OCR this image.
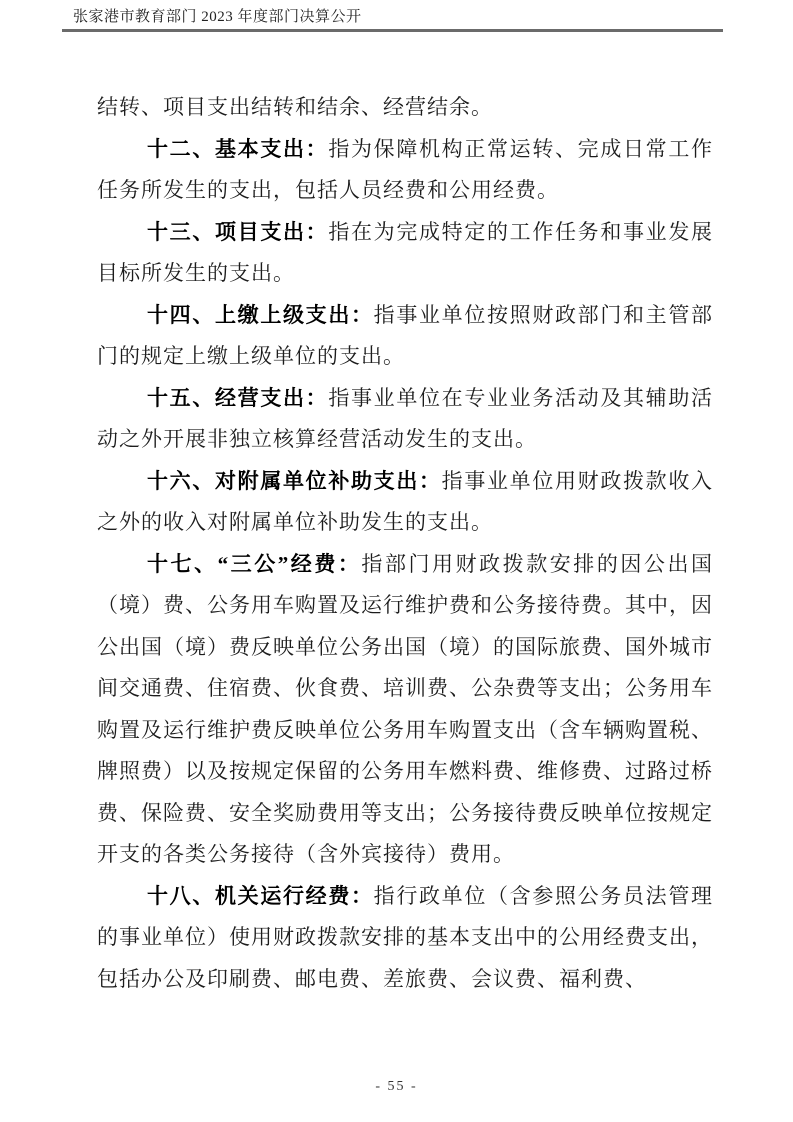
张家港市教育部门 2023 年度部门决算公开

结转、项目支出结转和结余、经营结余。

十二、基本支出：指为保障机构正常运转、完成日常工作任务所发生的支出，包括人员经费和公用经费。

十三、项目支出：指在为完成特定的工作任务和事业发展目标所发生的支出。

十四、上缴上级支出：指事业单位按照财政部门和主管部门的规定上缴上级单位的支出。

十五、经营支出：指事业单位在专业业务活动及其辅助活动之外开展非独立核算经营活动发生的支出。

十六、对附属单位补助支出：指事业单位用财政拨款收入之外的收入对附属单位补助发生的支出。

十七、“三公”经费：指部门用财政拨款安排的因公出国（境）费、公务用车购置及运行维护费和公务接待费。其中，因公出国（境）费反映单位公务出国（境）的国际旅费、国外城市间交通费、住宿费、伙食费、培训费、公杂费等支出；公务用车购置及运行维护费反映单位公务用车购置支出（含车辆购置税、牌照费）以及按规定保留的公务用车燃料费、维修费、过路过桥费、保险费、安全奖励费用等支出；公务接待费反映单位按规定开支的各类公务接待（含外宾接待）费用。

十八、机关运行经费：指行政单位（含参照公务员法管理的事业单位）使用财政拨款安排的基本支出中的公用经费支出，包括办公及印刷费、邮电费、差旅费、会议费、福利费、

- 55 -
